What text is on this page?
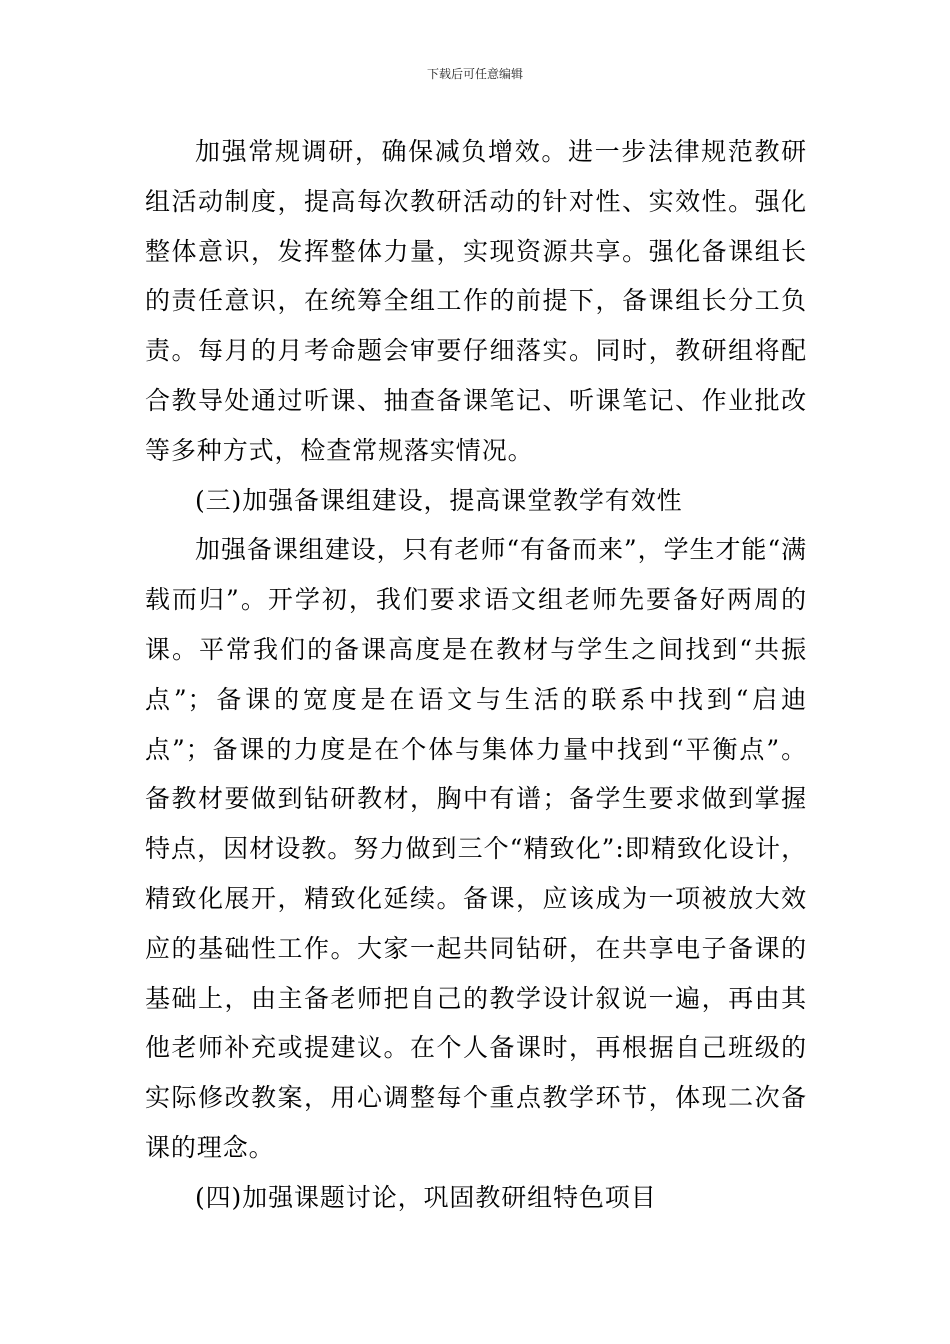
下载后可任意编辑

加强常规调研，确保减负增效。进一步法律规范教研组活动制度，提高每次教研活动的针对性、实效性。强化整体意识，发挥整体力量，实现资源共享。强化备课组长的责任意识，在统筹全组工作的前提下，备课组长分工负责。每月的月考命题会审要仔细落实。同时，教研组将配合教导处通过听课、抽查备课笔记、听课笔记、作业批改等多种方式，检查常规落实情况。

(三)加强备课组建设，提高课堂教学有效性

加强备课组建设，只有老师“有备而来”，学生才能“满载而归”。开学初，我们要求语文组老师先要备好两周的课。平常我们的备课高度是在教材与学生之间找到“共振点”；备课的宽度是在语文与生活的联系中找到“启迪点”；备课的力度是在个体与集体力量中找到“平衡点”。备教材要做到钻研教材，胸中有谱；备学生要求做到掌握特点，因材设教。努力做到三个“精致化”:即精致化设计，精致化展开，精致化延续。备课，应该成为一项被放大效应的基础性工作。大家一起共同钻研，在共享电子备课的基础上，由主备老师把自己的教学设计叙说一遍，再由其他老师补充或提建议。在个人备课时，再根据自己班级的实际修改教案，用心调整每个重点教学环节，体现二次备课的理念。

(四)加强课题讨论，巩固教研组特色项目
